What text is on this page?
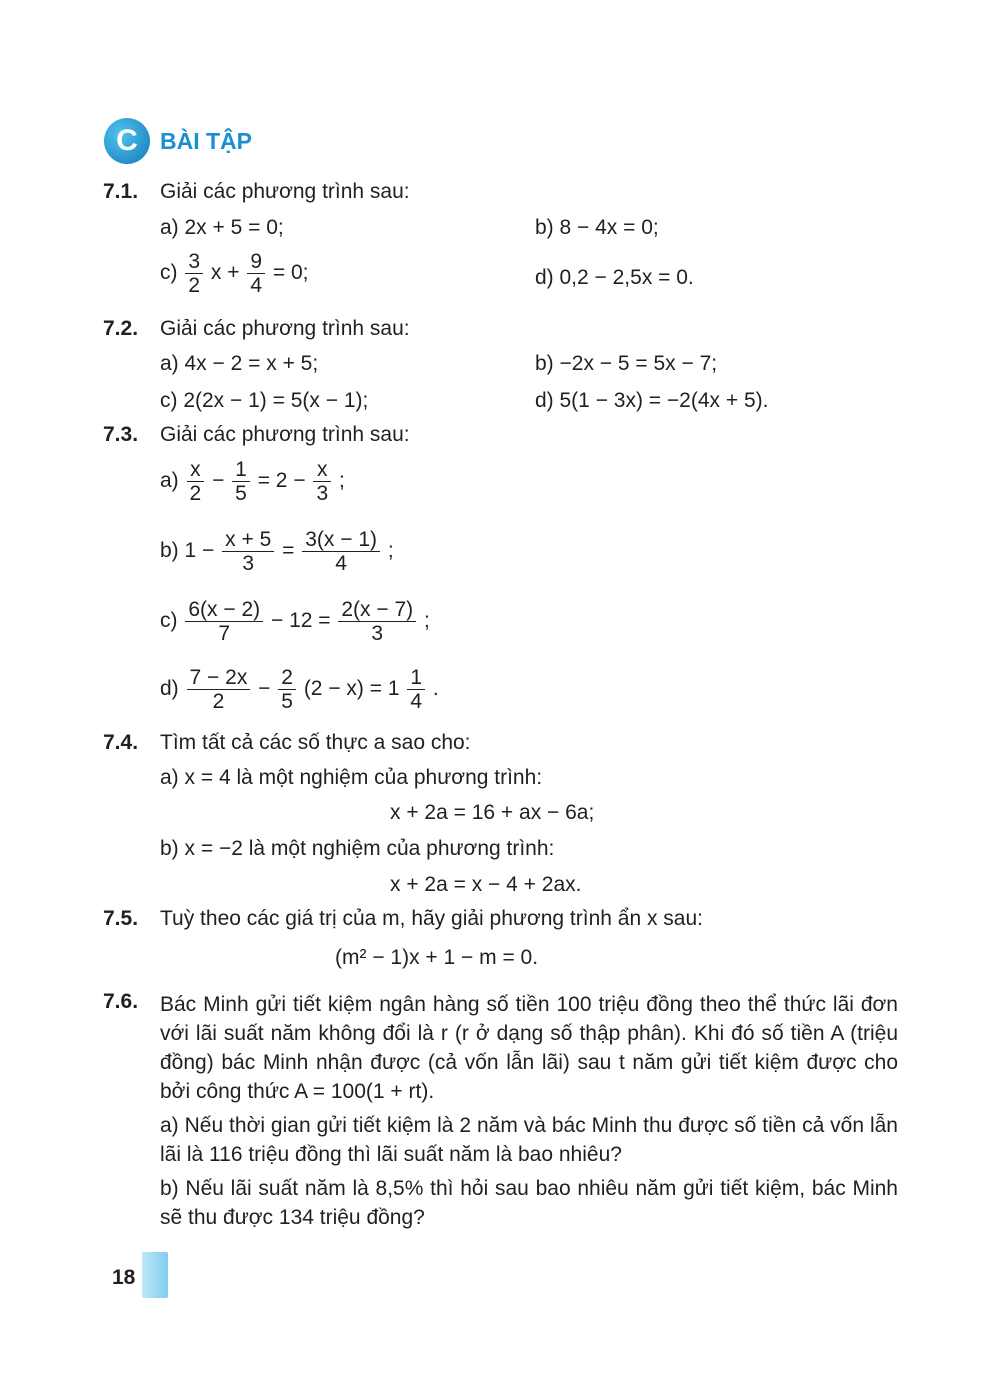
C BÀI TẬP
7.1. Giải các phương trình sau:
a) 2x + 5 = 0;	b) 8 − 4x = 0;
$c) \frac{3}{2}$ $x + \frac{9}{4} = 0$;	d) 0,2 − 2,5x = 0.
7.2. Giải các phương trình sau:
a) 4x − 2 = x + 5;	b) −2x − 5 = 5x − 7;
c) 2(2x − 1) = 5(x − 1);	d) 5(1 − 3x) = −2(4x + 5).
7.3. Giải các phương trình sau:
$a) \frac{x}{2} - \frac{1}{5} = 2 - \frac{x}{3}$ ;
b) $1 - \frac{x + 5}{3} = \frac{3(x - 1)}{4}$ ;
$c) \frac{6(x - 2)}{7} - 12 = \frac{2(x - 7)}{3}$ ;
$d) \frac{7 - 2x}{2} - \frac{2}{5} (2 - x) = 1 \frac{1}{4}$ .
7.4. Tìm tất cả các số thực a sao cho:
a) x = 4 là một nghiệm của phương trình:
x + 2a = 16 + ax − 6a;
b) x = −2 là một nghiệm của phương trình:
x + 2a = x − 4 + 2ax.
7.5. Tuỳ theo các giá trị của m, hãy giải phương trình ẩn x sau:
(m² − 1)x + 1 − m = 0.
7.6. Bác Minh gửi tiết kiệm ngân hàng số tiền 100 triệu đồng theo thể thức lãi đơn với lãi suất năm không đổi là r (r ở dạng số thập phân). Khi đó số tiền A (triệu đồng) bác Minh nhận được (cả vốn lẫn lãi) sau t năm gửi tiết kiệm được cho bởi công thức A = 100(1 + rt).
a) Nếu thời gian gửi tiết kiệm là 2 năm và bác Minh thu được số tiền cả vốn lẫn lãi là 116 triệu đồng thì lãi suất năm là bao nhiêu?
b) Nếu lãi suất năm là 8,5% thì hỏi sau bao nhiêu năm gửi tiết kiệm, bác Minh sẽ thu được 134 triệu đồng?
18
